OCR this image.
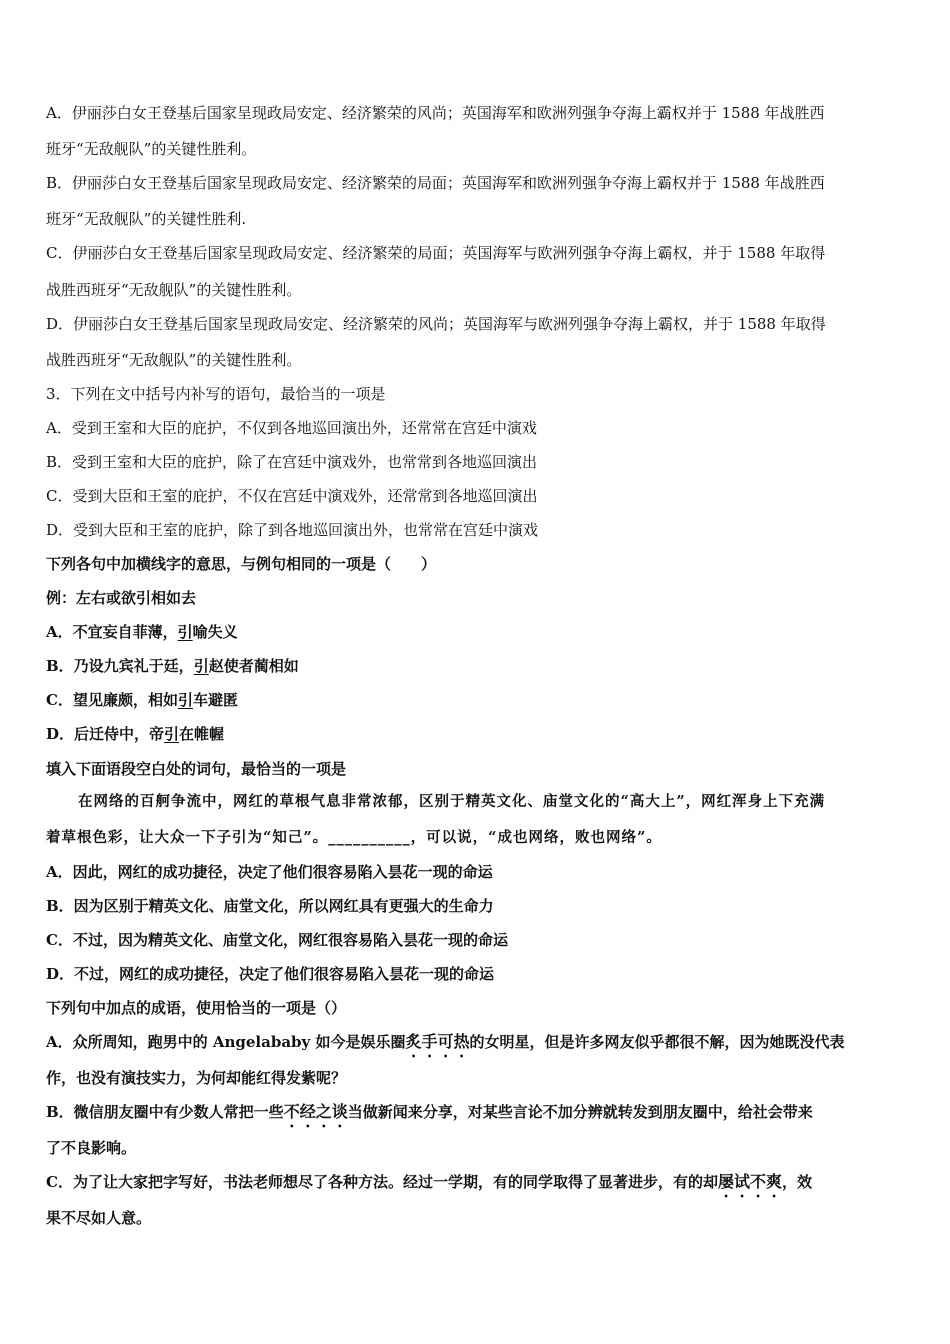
A．伊丽莎白女王登基后国家呈现政局安定、经济繁荣的风尚；英国海军和欧洲列强争夺海上霸权并于 1588 年战胜西

班牙“无敌舰队”的关键性胜利。

B．伊丽莎白女王登基后国家呈现政局安定、经济繁荣的局面；英国海军和欧洲列强争夺海上霸权并于 1588 年战胜西

班牙“无敌舰队”的关键性胜利.

C．伊丽莎白女王登基后国家呈现政局安定、经济繁荣的局面；英国海军与欧洲列强争夺海上霸权，并于 1588 年取得

战胜西班牙“无敌舰队”的关键性胜利。

D．伊丽莎白女王登基后国家呈现政局安定、经济繁荣的风尚；英国海军与欧洲列强争夺海上霸权，并于 1588 年取得

战胜西班牙“无敌舰队”的关键性胜利。

3．下列在文中括号内补写的语句，最恰当的一项是

A．受到王室和大臣的庇护，不仅到各地巡回演出外，还常常在宫廷中演戏

B．受到王室和大臣的庇护，除了在宫廷中演戏外，也常常到各地巡回演出

C．受到大臣和王室的庇护，不仅在宫廷中演戏外，还常常到各地巡回演出

D．受到大臣和王室的庇护，除了到各地巡回演出外，也常常在宫廷中演戏

下列各句中加横线字的意思，与例句相同的一项是（　　）

例：左右或欲引相如去

A．不宜妄自菲薄，引喻失义

B．乃设九宾礼于廷，引赵使者蔺相如

C．望见廉颇，相如引车避匿

D．后迁侍中，帝引在帷幄

填入下面语段空白处的词句，最恰当的一项是

在网络的百舸争流中，网红的草根气息非常浓郁，区别于精英文化、庙堂文化的“高大上”，网红浑身上下充满

着草根色彩，让大众一下子引为“知己”。__________，可以说，“成也网络，败也网络”。

A．因此，网红的成功捷径，决定了他们很容易陷入昙花一现的命运

B．因为区别于精英文化、庙堂文化，所以网红具有更强大的生命力

C．不过，因为精英文化、庙堂文化，网红很容易陷入昙花一现的命运

D．不过，网红的成功捷径，决定了他们很容易陷入昙花一现的命运

下列句中加点的成语，使用恰当的一项是（）

A．众所周知，跑男中的 Angelababy 如今是娱乐圈炙手可热的女明星，但是许多网友似乎都很不解，因为她既没代表

作，也没有演技实力，为何却能红得发紫呢？

B．微信朋友圈中有少数人常把一些不经之谈当做新闻来分享，对某些言论不加分辨就转发到朋友圈中，给社会带来

了不良影响。

C．为了让大家把字写好，书法老师想尽了各种方法。经过一学期，有的同学取得了显著进步，有的却屡试不爽，效

果不尽如人意。
